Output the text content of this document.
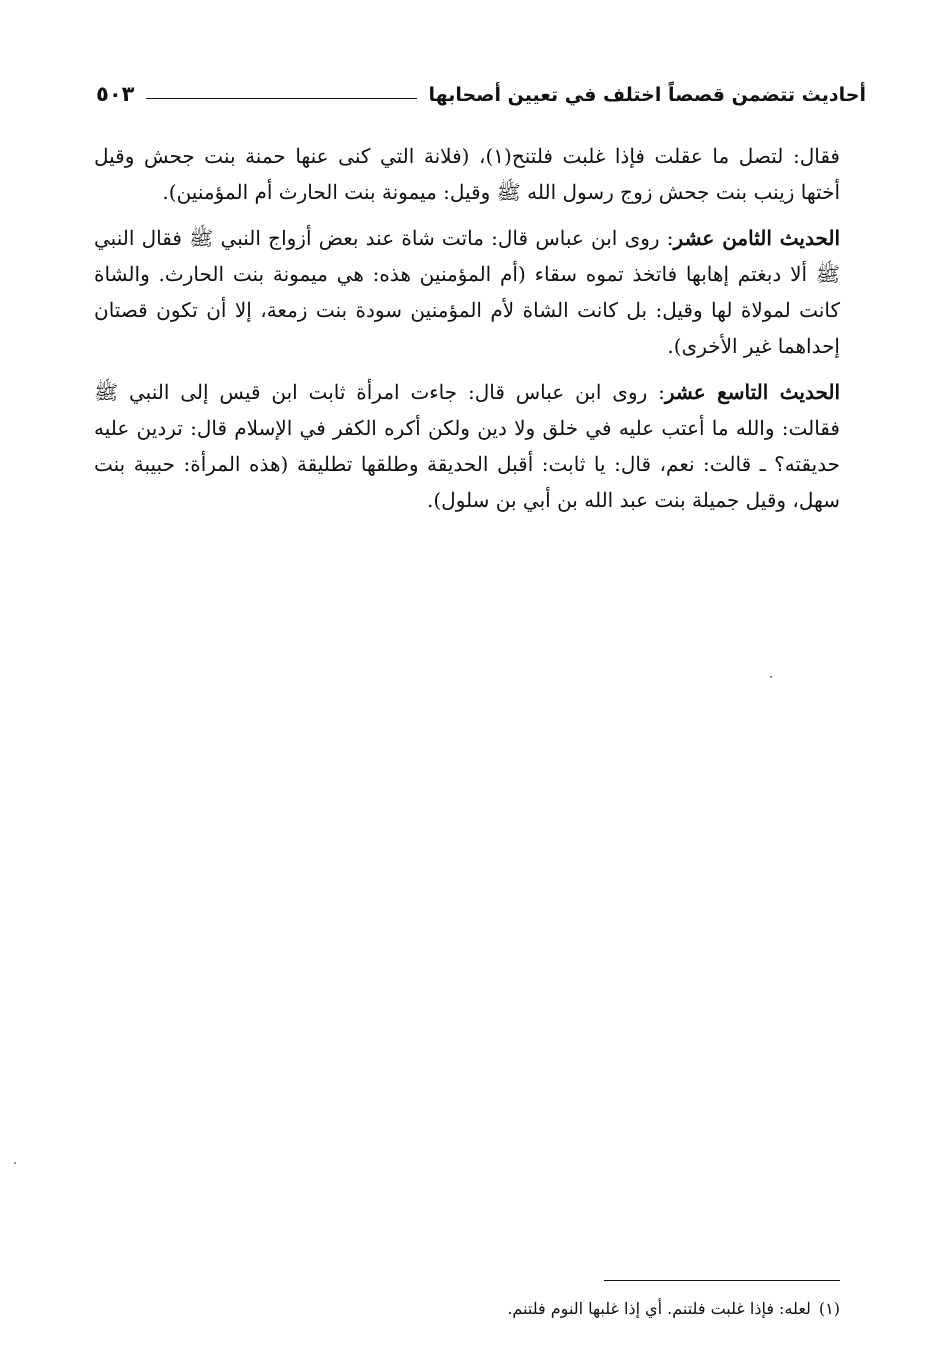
أحاديث تتضمن قصصاً اختلف في تعيين أصحابها
٥٠٣

فقال: لتصل ما عقلت فإذا غلبت فلتنح(١)، (فلانة التي كنى عنها حمنة بنت جحش وقيل أختها زينب بنت جحش زوج رسول الله ﷺ وقيل: ميمونة بنت الحارث أم المؤمنين).

الحديث الثامن عشر: روى ابن عباس قال: ماتت شاة عند بعض أزواج النبي ﷺ فقال النبي ﷺ ألا دبغتم إهابها فاتخذ تموه سقاء (أم المؤمنين هذه: هي ميمونة بنت الحارث. والشاة كانت لمولاة لها وقيل: بل كانت الشاة لأم المؤمنين سودة بنت زمعة، إلا أن تكون قصتان إحداهما غير الأخرى).

الحديث التاسع عشر: روى ابن عباس قال: جاءت امرأة ثابت ابن قيس إلى النبي ﷺ فقالت: والله ما أعتب عليه في خلق ولا دين ولكن أكره الكفر في الإسلام قال: تردين عليه حديقته؟ ـ قالت: نعم، قال: يا ثابت: أقبل الحديقة وطلقها تطليقة (هذه المرأة: حبيبة بنت سهل، وقيل جميلة بنت عبد الله بن أبي بن سلول).

(١)لعله: فإذا غلبت فلتنم. أي إذا غلبها النوم فلتنم.
